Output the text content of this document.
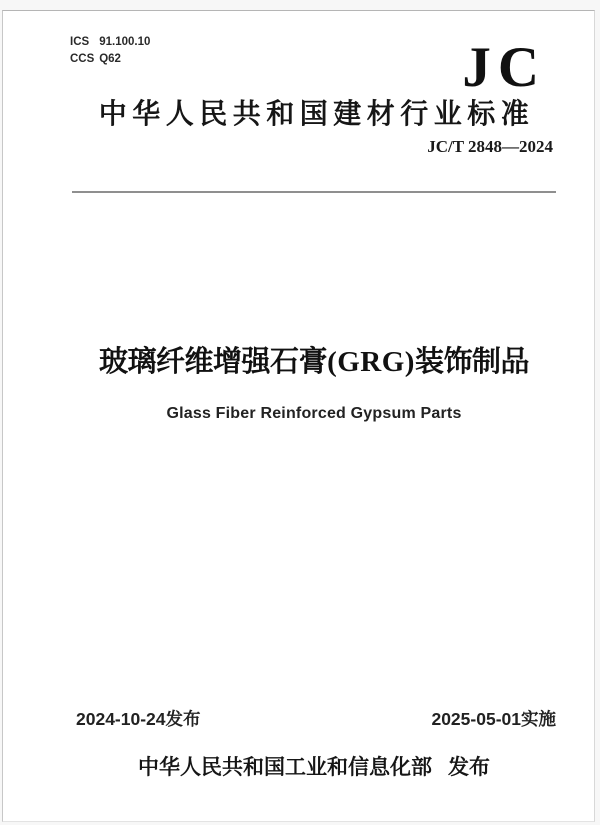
ICS 91.100.10
CCS Q62	JC
中华人民共和国建材行业标准
JC/T 2848—2024
玻璃纤维增强石膏(GRG)装饰制品
Glass Fiber Reinforced Gypsum Parts
2024-10-24发布	2025-05-01实施
中华人民共和国工业和信息化部 发布
